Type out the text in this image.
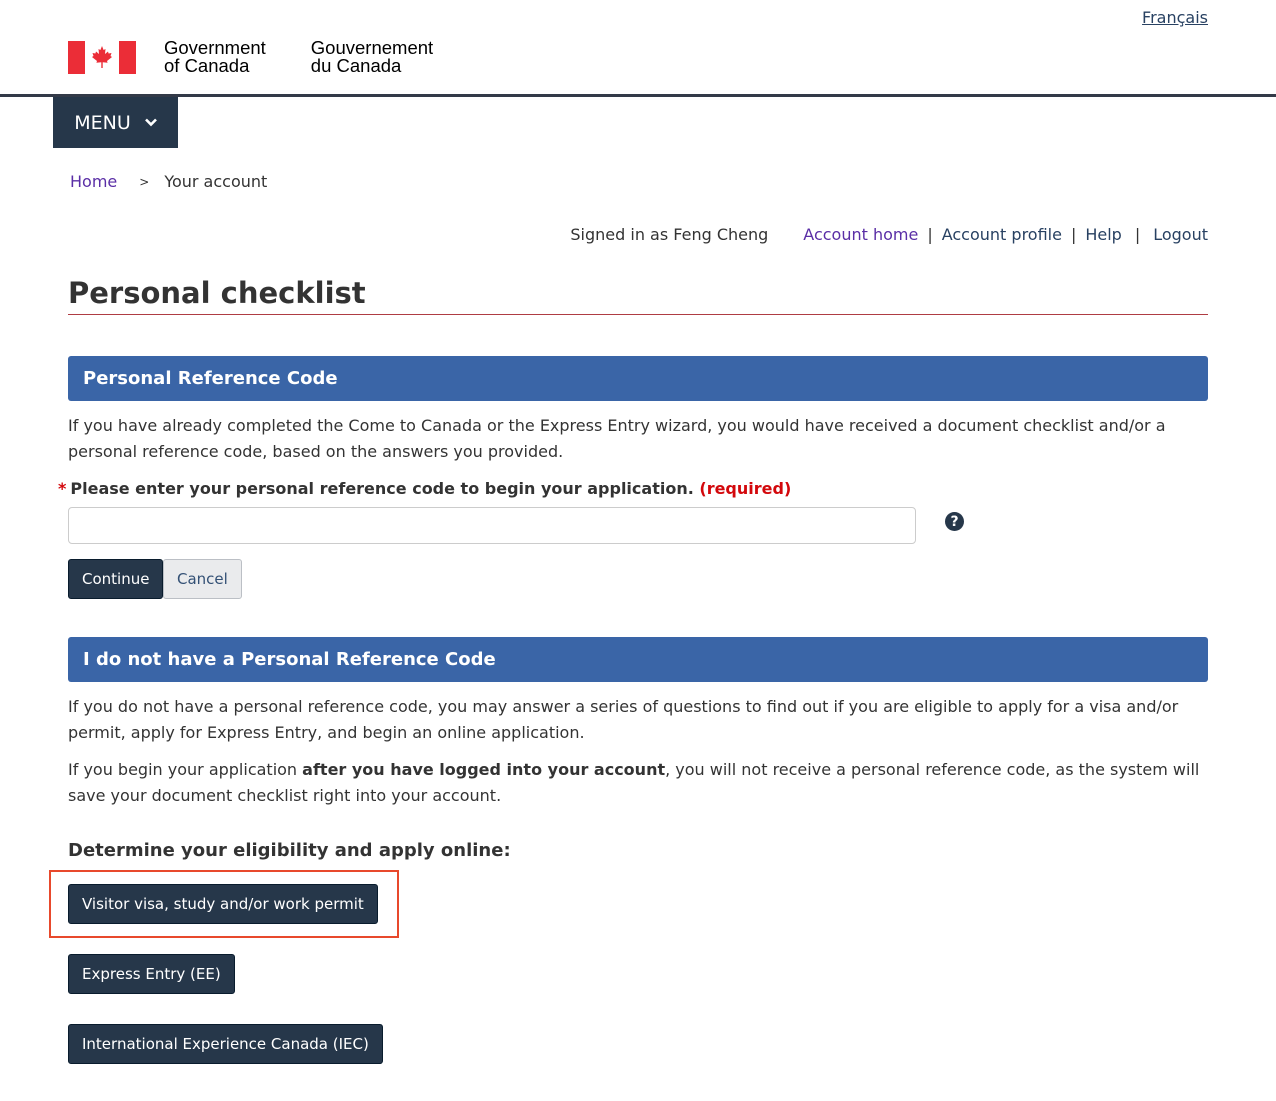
Français
Government
of Canada
Gouvernement
du Canada
MENU
Home > Your account
Signed in as Feng Cheng Account home | Account profile | Help | Logout
Personal checklist
Personal Reference Code

If you have already completed the Come to Canada or the Express Entry wizard, you would have received a document checklist and/or a personal reference code, based on the answers you provided.

* Please enter your personal reference code to begin your application. (required)
?
Continue	Cancel
I do not have a Personal Reference Code

If you do not have a personal reference code, you may answer a series of questions to find out if you are eligible to apply for a visa and/or permit, apply for Express Entry, and begin an online application.

If you begin your application after you have logged into your account, you will not receive a personal reference code, as the system will save your document checklist right into your account.

Determine your eligibility and apply online:
Visitor visa, study and/or work permit
Express Entry (EE)
International Experience Canada (IEC)
